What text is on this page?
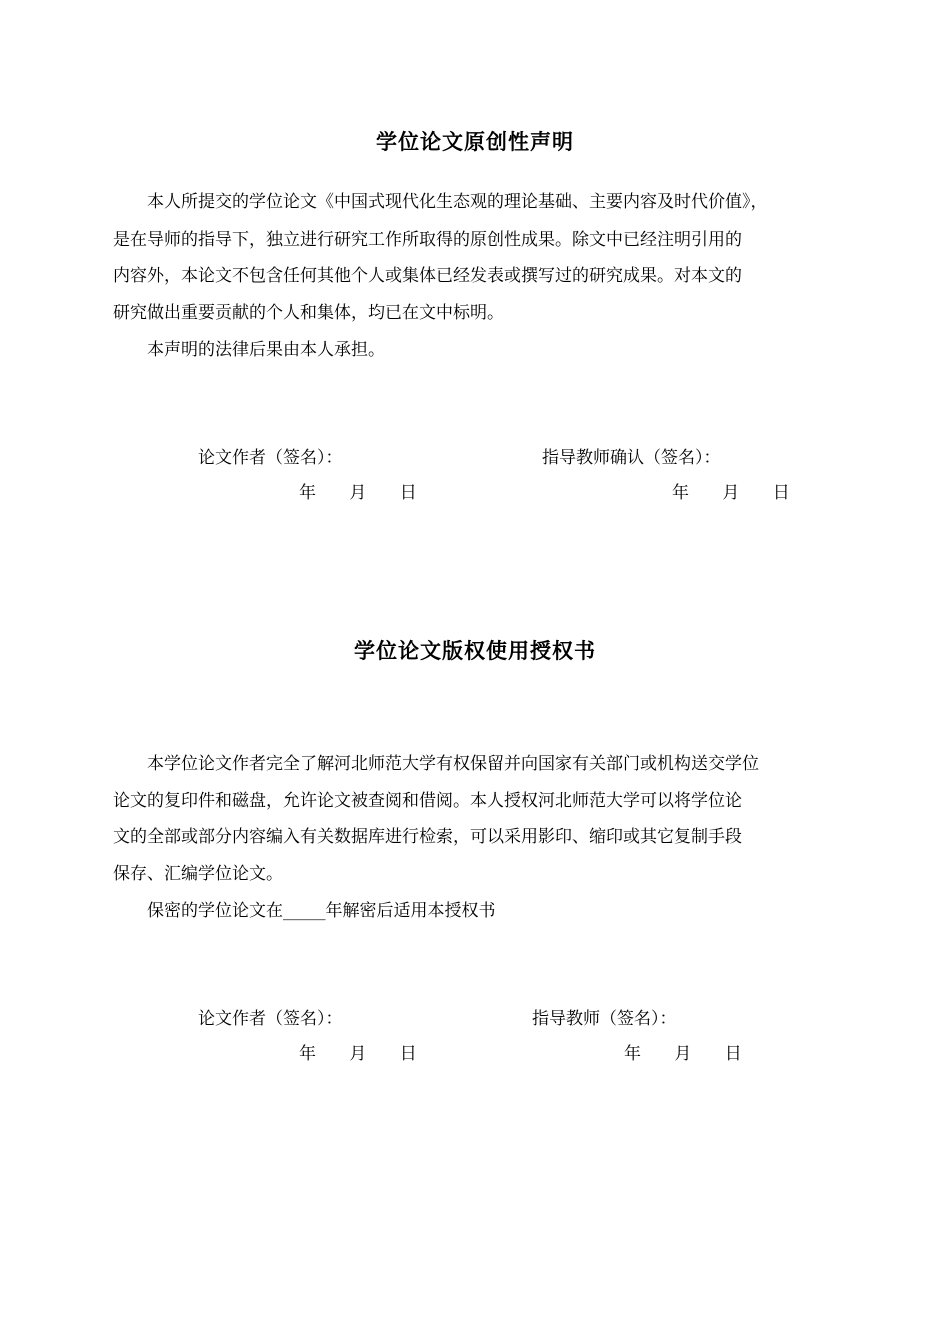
学位论文原创性声明
本人所提交的学位论文《中国式现代化生态观的理论基础、主要内容及时代价值》，
是在导师的指导下，独立进行研究工作所取得的原创性成果。除文中已经注明引用的
内容外，本论文不包含任何其他个人或集体已经发表或撰写过的研究成果。对本文的
研究做出重要贡献的个人和集体，均已在文中标明。
本声明的法律后果由本人承担。
论文作者（签名）：	指导教师确认（签名）：
年 月 日	年 月 日
学位论文版权使用授权书
本学位论文作者完全了解河北师范大学有权保留并向国家有关部门或机构送交学位
论文的复印件和磁盘，允许论文被查阅和借阅。本人授权河北师范大学可以将学位论
文的全部或部分内容编入有关数据库进行检索，可以采用影印、缩印或其它复制手段
保存、汇编学位论文。
保密的学位论文在_____年解密后适用本授权书
论文作者（签名）：	指导教师（签名）：
年 月 日	年 月 日
